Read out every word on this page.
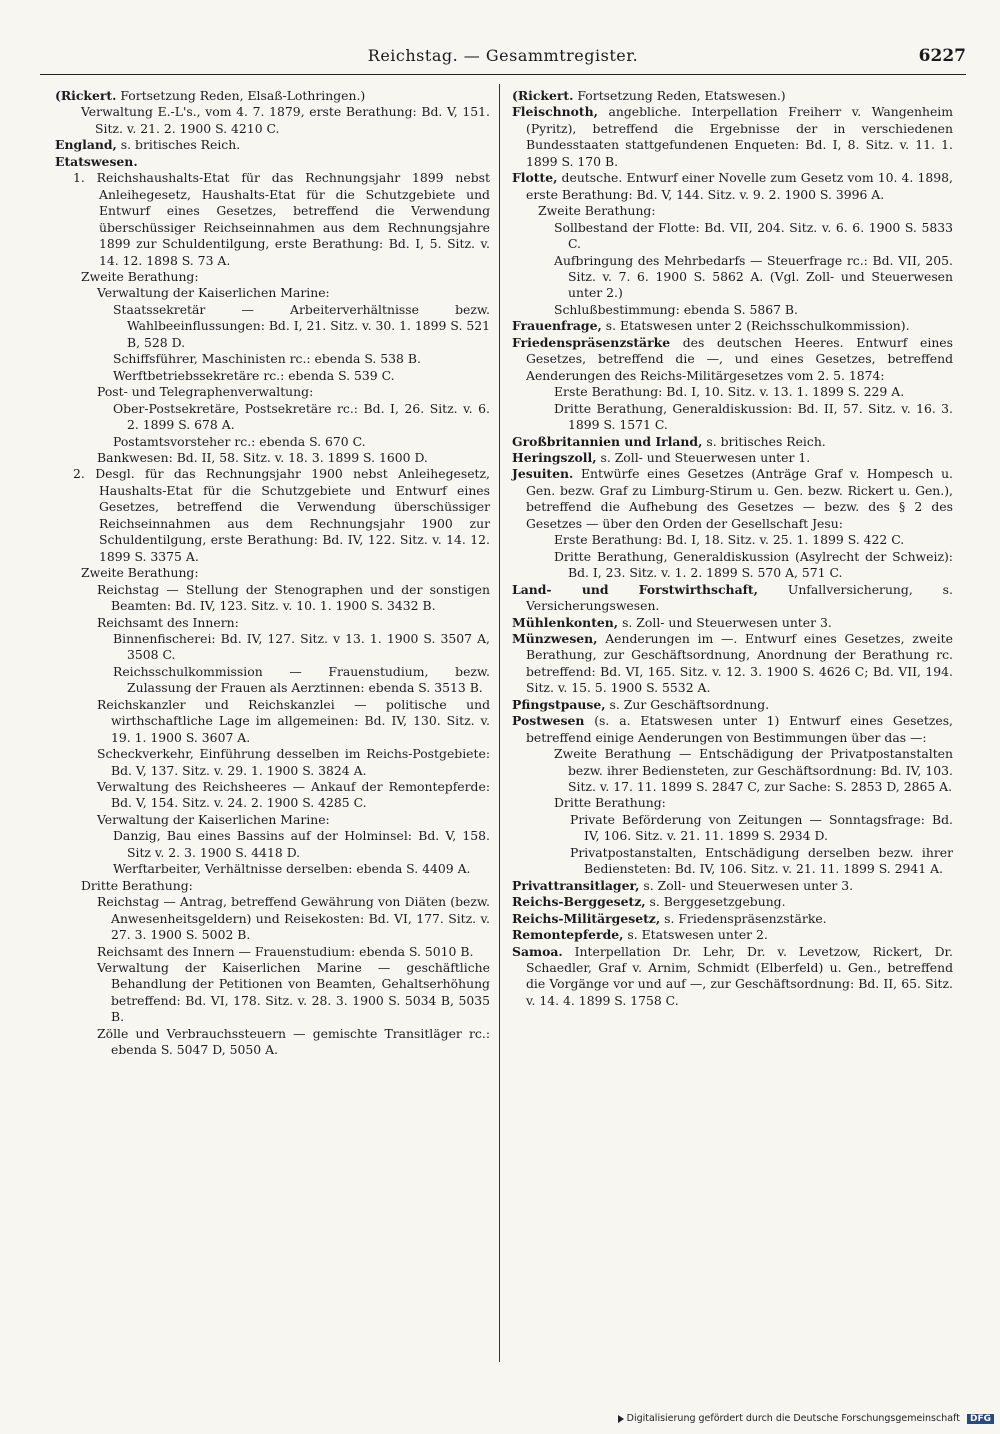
Reichstag. — Gesammtregister.	6227

(Rickert. Fortsetzung Reden, Elsaß-Lothringen.)

Verwaltung E.-L's., vom 4. 7. 1879, erste Berathung: Bd. V, 151. Sitz. v. 21. 2. 1900 S. 4210 C.

England, s. britisches Reich.

Etatswesen.

1. Reichshaushalts-Etat für das Rechnungsjahr 1899 nebst Anleihegesetz, Haushalts-Etat für die Schutzgebiete und Entwurf eines Gesetzes, betreffend die Verwendung überschüssiger Reichseinnahmen aus dem Rechnungsjahre 1899 zur Schuldentilgung, erste Berathung: Bd. I, 5. Sitz. v. 14. 12. 1898 S. 73 A.

Zweite Berathung:

Verwaltung der Kaiserlichen Marine:

Staatssekretär — Arbeiterverhältnisse bezw. Wahlbeeinflussungen: Bd. I, 21. Sitz. v. 30. 1. 1899 S. 521 B, 528 D.

Schiffsführer, Maschinisten rc.: ebenda S. 538 B.

Werftbetriebssekretäre rc.: ebenda S. 539 C.

Post- und Telegraphenverwaltung:

Ober-Postsekretäre, Postsekretäre rc.: Bd. I, 26. Sitz. v. 6. 2. 1899 S. 678 A.

Postamtsvorsteher rc.: ebenda S. 670 C.

Bankwesen: Bd. II, 58. Sitz. v. 18. 3. 1899 S. 1600 D.

2. Desgl. für das Rechnungsjahr 1900 nebst Anleihegesetz, Haushalts-Etat für die Schutzgebiete und Entwurf eines Gesetzes, betreffend die Verwendung überschüssiger Reichseinnahmen aus dem Rechnungsjahr 1900 zur Schuldentilgung, erste Berathung: Bd. IV, 122. Sitz. v. 14. 12. 1899 S. 3375 A.

Zweite Berathung:

Reichstag — Stellung der Stenographen und der sonstigen Beamten: Bd. IV, 123. Sitz. v. 10. 1. 1900 S. 3432 B.

Reichsamt des Innern:

Binnenfischerei: Bd. IV, 127. Sitz. v 13. 1. 1900 S. 3507 A, 3508 C.

Reichsschulkommission — Frauenstudium, bezw. Zulassung der Frauen als Aerztinnen: ebenda S. 3513 B.

Reichskanzler und Reichskanzlei — politische und wirthschaftliche Lage im allgemeinen: Bd. IV, 130. Sitz. v. 19. 1. 1900 S. 3607 A.

Scheckverkehr, Einführung desselben im Reichs-Postgebiete: Bd. V, 137. Sitz. v. 29. 1. 1900 S. 3824 A.

Verwaltung des Reichsheeres — Ankauf der Remontepferde: Bd. V, 154. Sitz. v. 24. 2. 1900 S. 4285 C.

Verwaltung der Kaiserlichen Marine:

Danzig, Bau eines Bassins auf der Holminsel: Bd. V, 158. Sitz v. 2. 3. 1900 S. 4418 D.

Werftarbeiter, Verhältnisse derselben: ebenda S. 4409 A.

Dritte Berathung:

Reichstag — Antrag, betreffend Gewährung von Diäten (bezw. Anwesenheitsgeldern) und Reisekosten: Bd. VI, 177. Sitz. v. 27. 3. 1900 S. 5002 B.

Reichsamt des Innern — Frauenstudium: ebenda S. 5010 B.

Verwaltung der Kaiserlichen Marine — geschäftliche Behandlung der Petitionen von Beamten, Gehaltserhöhung betreffend: Bd. VI, 178. Sitz. v. 28. 3. 1900 S. 5034 B, 5035 B.

Zölle und Verbrauchssteuern — gemischte Transitläger rc.: ebenda S. 5047 D, 5050 A.

(Rickert. Fortsetzung Reden, Etatswesen.)

Fleischnoth, angebliche. Interpellation Freiherr v. Wangenheim (Pyritz), betreffend die Ergebnisse der in verschiedenen Bundesstaaten stattgefundenen Enqueten: Bd. I, 8. Sitz. v. 11. 1. 1899 S. 170 B.

Flotte, deutsche. Entwurf einer Novelle zum Gesetz vom 10. 4. 1898, erste Berathung: Bd. V, 144. Sitz. v. 9. 2. 1900 S. 3996 A.

Zweite Berathung:

Sollbestand der Flotte: Bd. VII, 204. Sitz. v. 6. 6. 1900 S. 5833 C.

Aufbringung des Mehrbedarfs — Steuerfrage rc.: Bd. VII, 205. Sitz. v. 7. 6. 1900 S. 5862 A. (Vgl. Zoll- und Steuerwesen unter 2.)

Schlußbestimmung: ebenda S. 5867 B.

Frauenfrage, s. Etatswesen unter 2 (Reichsschulkommission).

Friedenspräsenzstärke des deutschen Heeres. Entwurf eines Gesetzes, betreffend die —, und eines Gesetzes, betreffend Aenderungen des Reichs-Militärgesetzes vom 2. 5. 1874:

Erste Berathung: Bd. I, 10. Sitz. v. 13. 1. 1899 S. 229 A.

Dritte Berathung, Generaldiskussion: Bd. II, 57. Sitz. v. 16. 3. 1899 S. 1571 C.

Großbritannien und Irland, s. britisches Reich.

Heringszoll, s. Zoll- und Steuerwesen unter 1.

Jesuiten. Entwürfe eines Gesetzes (Anträge Graf v. Hompesch u. Gen. bezw. Graf zu Limburg-Stirum u. Gen. bezw. Rickert u. Gen.), betreffend die Aufhebung des Gesetzes — bezw. des § 2 des Gesetzes — über den Orden der Gesellschaft Jesu:

Erste Berathung: Bd. I, 18. Sitz. v. 25. 1. 1899 S. 422 C.

Dritte Berathung, Generaldiskussion (Asylrecht der Schweiz): Bd. I, 23. Sitz. v. 1. 2. 1899 S. 570 A, 571 C.

Land- und Forstwirthschaft, Unfallversicherung, s. Versicherungswesen.

Mühlenkonten, s. Zoll- und Steuerwesen unter 3.

Münzwesen, Aenderungen im —. Entwurf eines Gesetzes, zweite Berathung, zur Geschäftsordnung, Anordnung der Berathung rc. betreffend: Bd. VI, 165. Sitz. v. 12. 3. 1900 S. 4626 C; Bd. VII, 194. Sitz. v. 15. 5. 1900 S. 5532 A.

Pfingstpause, s. Zur Geschäftsordnung.

Postwesen (s. a. Etatswesen unter 1) Entwurf eines Gesetzes, betreffend einige Aenderungen von Bestimmungen über das —:

Zweite Berathung — Entschädigung der Privatpostanstalten bezw. ihrer Bediensteten, zur Geschäftsordnung: Bd. IV, 103. Sitz. v. 17. 11. 1899 S. 2847 C, zur Sache: S. 2853 D, 2865 A.

Dritte Berathung:

Private Beförderung von Zeitungen — Sonntagsfrage: Bd. IV, 106. Sitz. v. 21. 11. 1899 S. 2934 D.

Privatpostanstalten, Entschädigung derselben bezw. ihrer Bediensteten: Bd. IV, 106. Sitz. v. 21. 11. 1899 S. 2941 A.

Privattransitlager, s. Zoll- und Steuerwesen unter 3.

Reichs-Berggesetz, s. Berggesetzgebung.

Reichs-Militärgesetz, s. Friedenspräsenzstärke.

Remontepferde, s. Etatswesen unter 2.

Samoa. Interpellation Dr. Lehr, Dr. v. Levetzow, Rickert, Dr. Schaedler, Graf v. Arnim, Schmidt (Elberfeld) u. Gen., betreffend die Vorgänge vor und auf —, zur Geschäftsordnung: Bd. II, 65. Sitz. v. 14. 4. 1899 S. 1758 C.

Digitalisierung gefördert durch die Deutsche Forschungsgemeinschaft DFG
